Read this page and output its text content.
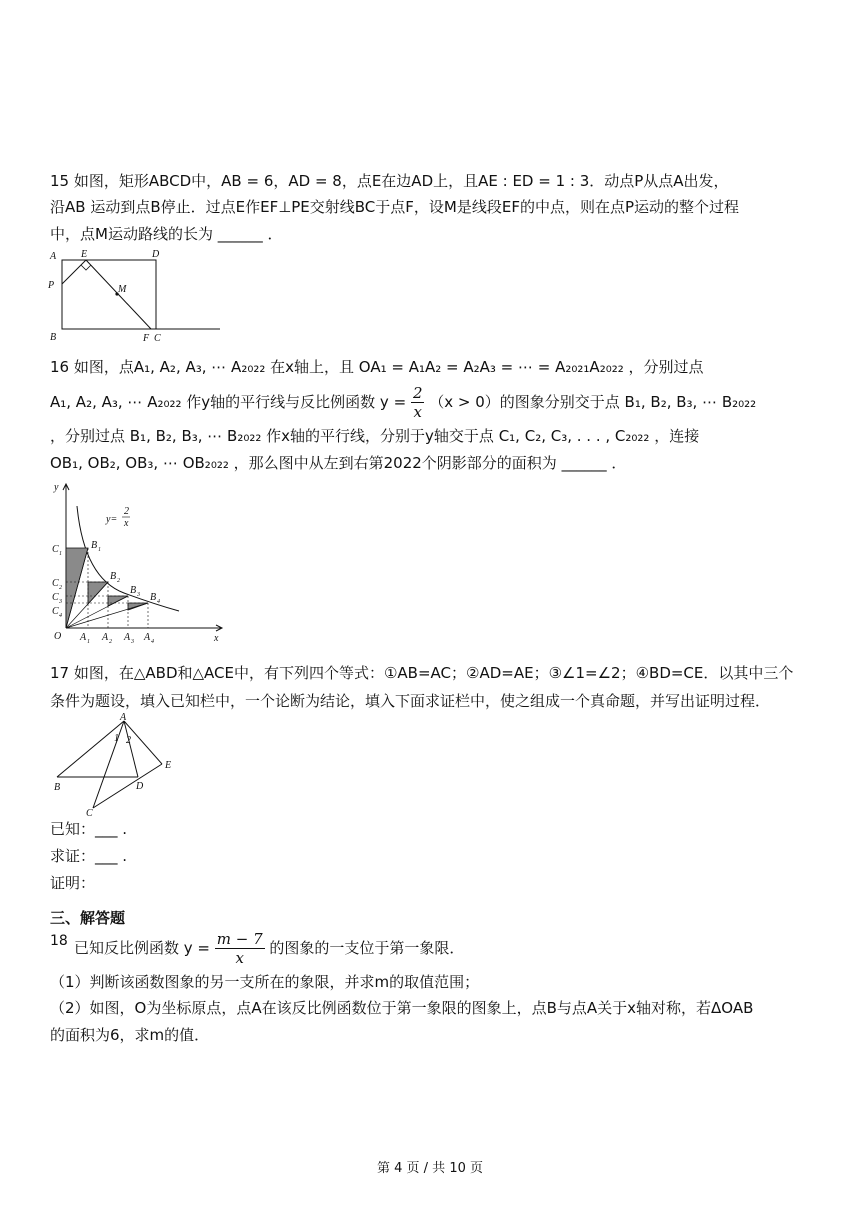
15 如图，矩形ABCD中，AB = 6，AD = 8，点E在边AD上，且AE : ED = 1 : 3．动点P从点A出发，
沿AB 运动到点B停止．过点E作EF⊥PE交射线BC于点F，设M是线段EF的中点，则在点P运动的整个过程
中，点M运动路线的长为 ______ ．
A E	D
P	M
B	F C
16 如图，点A₁, A₂, A₃, ⋯ A₂₀₂₂ 在x轴上，且 OA₁ = A₁A₂ = A₂A₃ = ⋯ = A₂₀₂₁A₂₀₂₂ ，分别过点
A₁, A₂, A₃, ⋯ A₂₀₂₂ 作y轴的平行线与反比例函数 $y = \frac{2}{x} (x > 0)$的图象分别交于点 B₁, B₂, B₃, ⋯ B₂₀₂₂
，分别过点 B₁, B₂, B₃, ⋯ B₂₀₂₂ 作x轴的平行线，分别于y轴交于点 C₁, C₂, C₃, . . . , C₂₀₂₂ ，连接
OB₁, OB₂, OB₃, ⋯ OB₂₀₂₂ ，那么图中从左到右第2022个阴影部分的面积为 ______ ．
y
x
O
y=
2
x
C 1
C 2
C 3
C 4
B 1
B 2
B 3 B 4
A 1 A 2 A 3 A 4
17 如图，在△ABD和△ACE中，有下列四个等式：①AB=AC；②AD=AE；③∠1=∠2；④BD=CE．以其中三个
条件为题设，填入已知栏中，一个论断为结论，填入下面求证栏中，使之组成一个真命题，并写出证明过程．
A
1 2
B	D
E
C
已知：___ .
求证：___ .
证明：
三、解答题
18 已知反比例函数 $y = \frac{m - 7}{x}$ 的图象的一支位于第一象限．
（1）判断该函数图象的另一支所在的象限，并求m的取值范围；
（2）如图，O为坐标原点，点A在该反比例函数位于第一象限的图象上，点B与点A关于x轴对称，若ΔOAB
的面积为6，求m的值．
第 4 页 / 共 10 页
